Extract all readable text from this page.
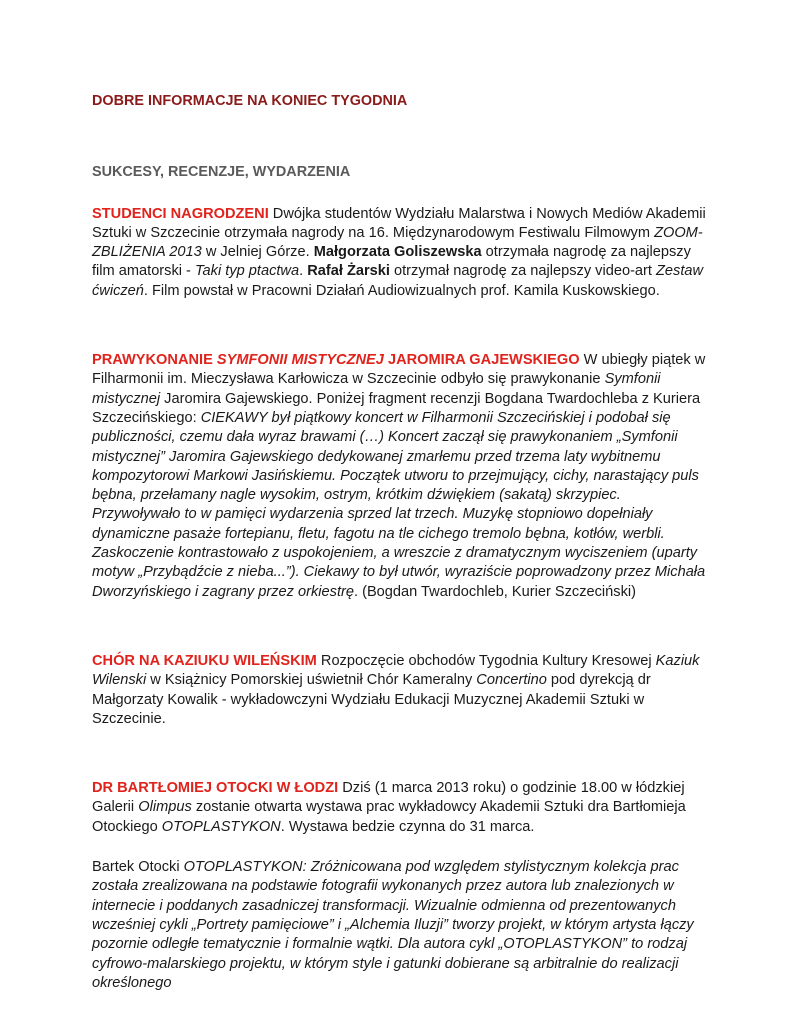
DOBRE INFORMACJE NA KONIEC TYGODNIA
SUKCESY, RECENZJE, WYDARZENIA

STUDENCI NAGRODZENI Dwójka studentów Wydziału Malarstwa i Nowych Mediów Akademii Sztuki w Szczecinie otrzymała nagrody na 16. Międzynarodowym Festiwalu Filmowym ZOOM-ZBLIŻENIA 2013 w Jelniej Górze. Małgorzata Goliszewska otrzymała nagrodę za najlepszy film amatorski - Taki typ ptactwa. Rafał Żarski otrzymał nagrodę za najlepszy video-art Zestaw ćwiczeń. Film powstał w Pracowni Działań Audiowizualnych prof. Kamila Kuskowskiego.

PRAWYKONANIE SYMFONII MISTYCZNEJ JAROMIRA GAJEWSKIEGO W ubiegły piątek w Filharmonii im. Mieczysława Karłowicza w Szczecinie odbyło się prawykonanie Symfonii mistycznej Jaromira Gajewskiego. Poniżej fragment recenzji Bogdana Twardochleba z Kuriera Szczecińskiego: CIEKAWY był piątkowy koncert w Filharmonii Szczecińskiej i podobał się publiczności, czemu dała wyraz brawami (…) Koncert zaczął się prawykonaniem „Symfonii mistycznej” Jaromira Gajewskiego dedykowanej zmarłemu przed trzema laty wybitnemu kompozytorowi Markowi Jasińskiemu. Początek utworu to przejmujący, cichy, narastający puls bębna, przełamany nagle wysokim, ostrym, krótkim dźwiękiem (sakatą) skrzypiec. Przywoływało to w pamięci wydarzenia sprzed lat trzech. Muzykę stopniowo dopełniały dynamiczne pasaże fortepianu, fletu, fagotu na tle cichego tremolo bębna, kotłów, werbli. Zaskoczenie kontrastowało z uspokojeniem, a wreszcie z dramatycznym wyciszeniem (uparty motyw „Przybądźcie z nieba...”). Ciekawy to był utwór, wyraziście poprowadzony przez Michała Dworzyńskiego i zagrany przez orkiestrę. (Bogdan Twardochleb, Kurier Szczeciński)

CHÓR NA KAZIUKU WILEŃSKIM Rozpoczęcie obchodów Tygodnia Kultury Kresowej Kaziuk Wilenski w Książnicy Pomorskiej uświetnił Chór Kameralny Concertino pod dyrekcją dr Małgorzaty Kowalik - wykładowczyni Wydziału Edukacji Muzycznej Akademii Sztuki w Szczecinie.

DR BARTŁOMIEJ OTOCKI W ŁODZI Dziś (1 marca 2013 roku) o godzinie 18.00 w łódzkiej Galerii Olimpus zostanie otwarta wystawa prac wykładowcy Akademii Sztuki dra Bartłomieja Otockiego OTOPLASTYKON. Wystawa bedzie czynna do 31 marca.

Bartek Otocki OTOPLASTYKON: Zróżnicowana pod względem stylistycznym kolekcja prac została zrealizowana na podstawie fotografii wykonanych przez autora lub znalezionych w internecie i poddanych zasadniczej transformacji. Wizualnie odmienna od prezentowanych wcześniej cykli „Portrety pamięciowe” i „Alchemia Iluzji” tworzy projekt, w którym artysta łączy pozornie odległe tematycznie i formalnie wątki. Dla autora cykl „OTOPLASTYKON” to rodzaj cyfrowo-malarskiego projektu, w którym style i gatunki dobierane są arbitralnie do realizacji określonego
